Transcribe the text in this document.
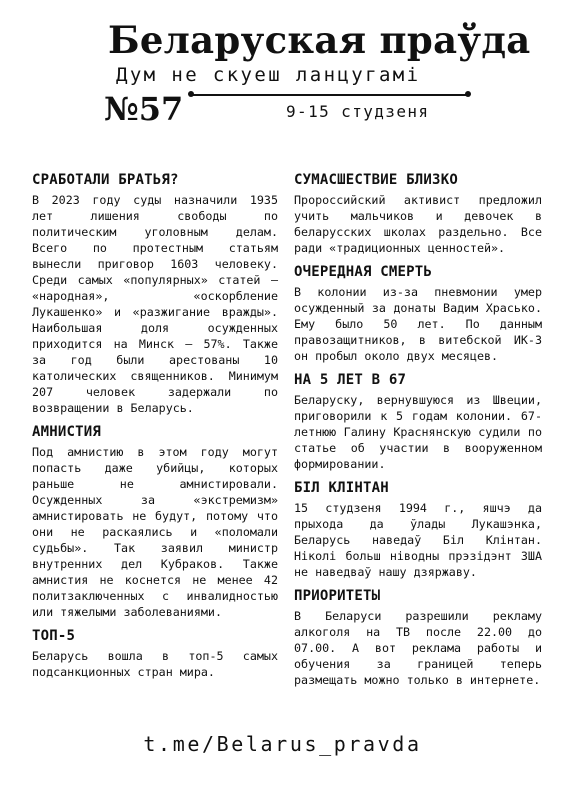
Беларуская праўда
Дум не скуеш ланцугамі
№57	9-15 студзеня
СРАБОТАЛИ БРАТЬЯ?

В 2023 году суды назначили 1935 лет лишения свободы по политическим уголовным делам. Всего по протестным статьям вынесли приговор 1603 человеку. Среди самых «популярных» статей – «народная», «оскорбление Лукашенко» и «разжигание вражды». Наибольшая доля осужденных приходится на Минск – 57%. Также за год были арестованы 10 католических священников. Минимум 207 человек задержали по возвращении в Беларусь.

АМНИСТИЯ

Под амнистию в этом году могут попасть даже убийцы, которых раньше не амнистировали. Осужденных за «экстремизм» амнистировать не будут, потому что они не раскаялись и «поломали судьбы». Так заявил министр внутренних дел Кубраков. Также амнистия не коснется не менее 42 политзаключенных с инвалидностью или тяжелыми заболеваниями.

ТОП-5

Беларусь вошла в топ-5 самых подсанкционных стран мира.

СУМАСШЕСТВИЕ БЛИЗКО

Пророссийский активист предложил учить мальчиков и девочек в беларусских школах раздельно. Все ради «традиционных ценностей».

ОЧЕРЕДНАЯ СМЕРТЬ

В колонии из-за пневмонии умер осужденный за донаты Вадим Храсько. Ему было 50 лет. По данным правозащитников, в витебской ИК-3 он пробыл около двух месяцев.

НА 5 ЛЕТ В 67

Беларуску, вернувшуюся из Швеции, приговорили к 5 годам колонии. 67-летнюю Галину Краснянскую судили по статье об участии в вооруженном формировании.

БІЛ КЛІНТАН

15 студзеня 1994 г., яшчэ да прыхода да ўлады Лукашэнка, Беларусь наведаў Біл Клінтан. Ніколі больш ніводны прэзідэнт ЗША не наведваў нашу дзяржаву.

ПРИОРИТЕТЫ

В Беларуси разрешили рекламу алкоголя на ТВ после 22.00 до 07.00. А вот реклама работы и обучения за границей теперь размещать можно только в интернете.

t.me/Belarus_pravda
